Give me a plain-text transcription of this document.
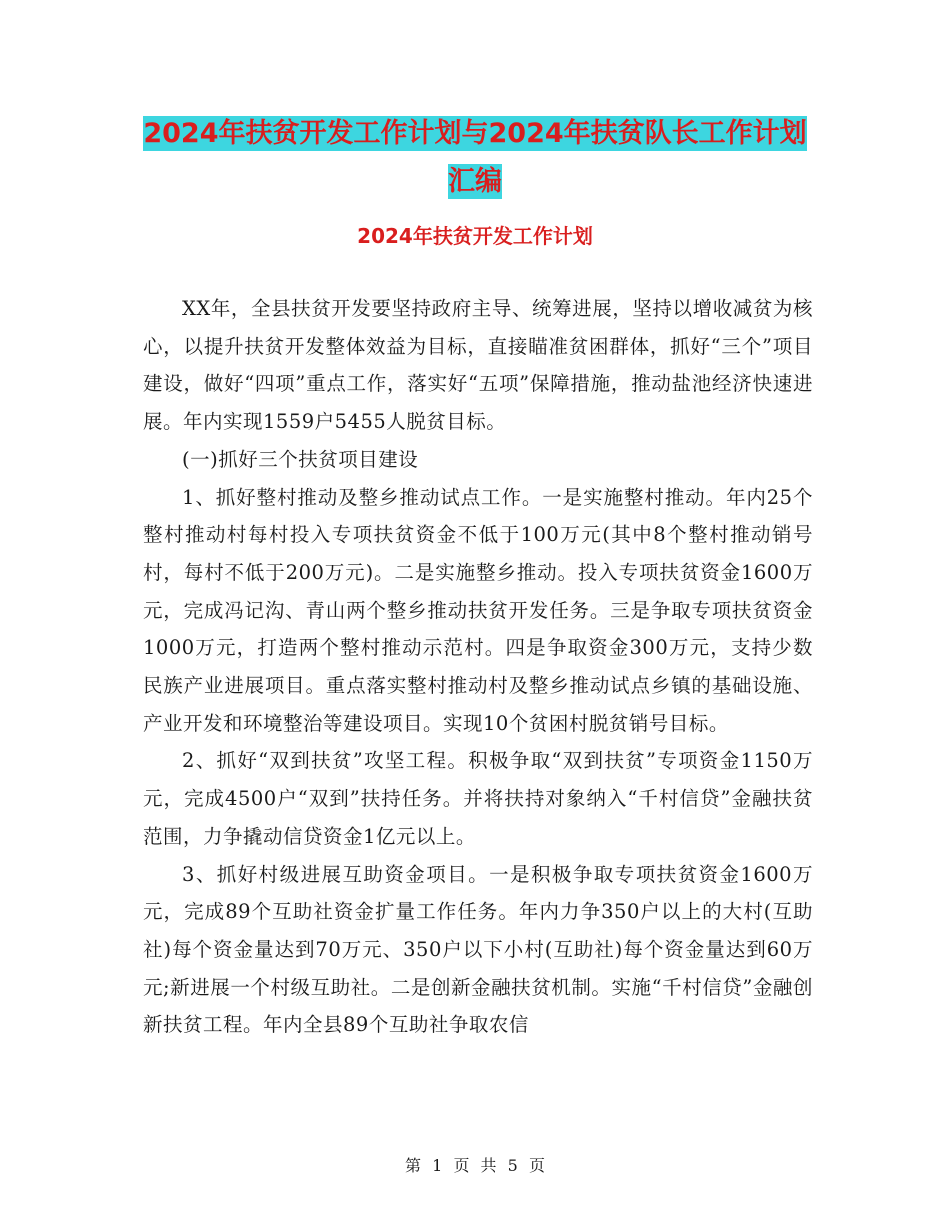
2024年扶贫开发工作计划与2024年扶贫队长工作计划
汇编
2024年扶贫开发工作计划

XX年，全县扶贫开发要坚持政府主导、统筹进展，坚持以增收减贫为核心，以提升扶贫开发整体效益为目标，直接瞄准贫困群体，抓好“三个”项目建设，做好“四项”重点工作，落实好“五项”保障措施，推动盐池经济快速进展。年内实现1559户5455人脱贫目标。

(一)抓好三个扶贫项目建设

1、抓好整村推动及整乡推动试点工作。一是实施整村推动。年内25个整村推动村每村投入专项扶贫资金不低于100万元(其中8个整村推动销号村，每村不低于200万元)。二是实施整乡推动。投入专项扶贫资金1600万元，完成冯记沟、青山两个整乡推动扶贫开发任务。三是争取专项扶贫资金1000万元，打造两个整村推动示范村。四是争取资金300万元，支持少数民族产业进展项目。重点落实整村推动村及整乡推动试点乡镇的基础设施、产业开发和环境整治等建设项目。实现10个贫困村脱贫销号目标。

2、抓好“双到扶贫”攻坚工程。积极争取“双到扶贫”专项资金1150万元，完成4500户“双到”扶持任务。并将扶持对象纳入“千村信贷”金融扶贫范围，力争撬动信贷资金1亿元以上。

3、抓好村级进展互助资金项目。一是积极争取专项扶贫资金1600万元，完成89个互助社资金扩量工作任务。年内力争350户以上的大村(互助社)每个资金量达到70万元、350户以下小村(互助社)每个资金量达到60万元;新进展一个村级互助社。二是创新金融扶贫机制。实施“千村信贷”金融创新扶贫工程。年内全县89个互助社争取农信

第 1 页 共 5 页
